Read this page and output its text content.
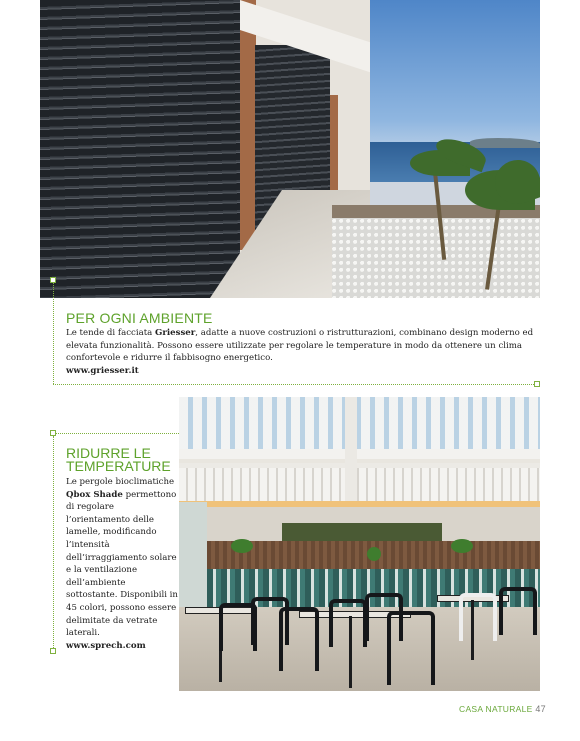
PER OGNI AMBIENTE
Le tende di facciata Griesser, adatte a nuove costruzioni o ristrutturazioni, combinano design moderno ed elevata funzionalità. Possono essere utilizzate per regolare le temperature in modo da ottenere un clima confortevole e ridurre il fabbisogno energetico.
www.griesser.it
RIDURRE LE TEMPERATURE
Le pergole bioclimatiche Qbox Shade permettono di regolare l’orientamento delle lamelle, modificando l’intensità dell’irraggiamento solare e la ventilazione dell’ambiente sottostante. Disponibili in 45 colori, possono essere delimitate da vetrate laterali.
www.sprech.com
CASA NATURALE 47
